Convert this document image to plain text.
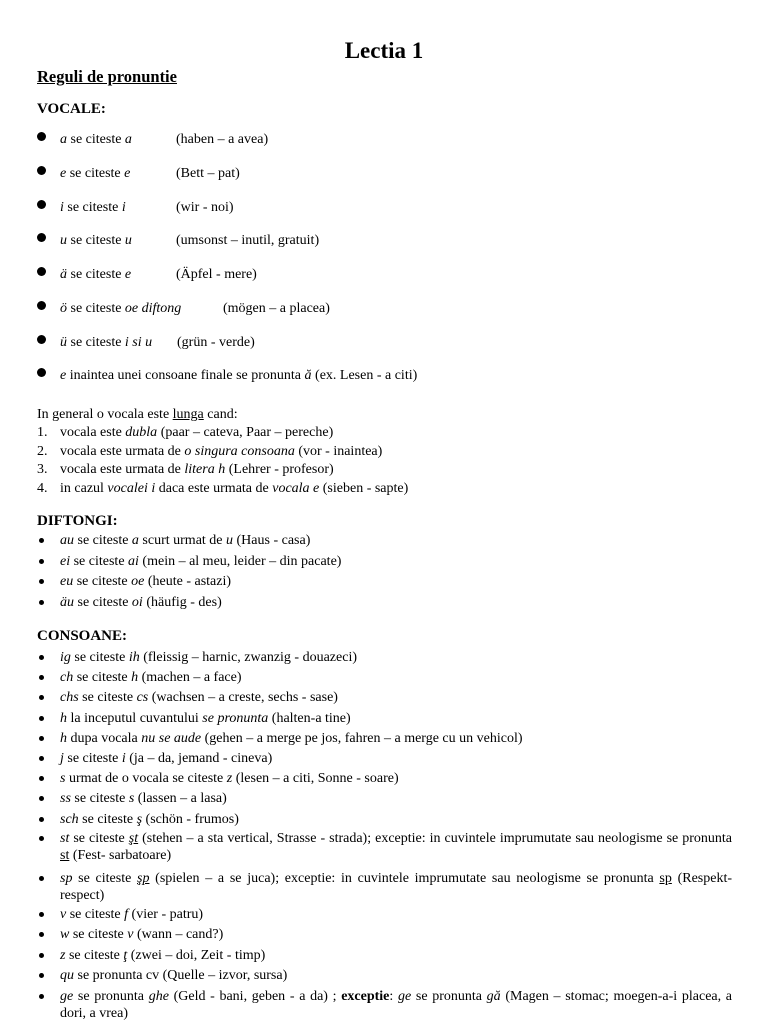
Lectia 1
Reguli de pronuntie
VOCALE:
a se citeste a	(haben – a avea)
e se citeste e	(Bett – pat)
i se citeste i	(wir - noi)
u se citeste u	(umsonst – inutil, gratuit)
ä se citeste e	(Äpfel - mere)
ö se citeste oe diftong	(mögen – a placea)
ü se citeste i si u (grün - verde)
e inaintea unei consoane finale se pronunta ă (ex. Lesen - a citi)
In general o vocala este lunga cand:
1. vocala este dubla (paar – cateva, Paar – pereche)
2. vocala este urmata de o singura consoana (vor - inaintea)
3. vocala este urmata de litera h (Lehrer - profesor)
4. in cazul vocalei i daca este urmata de vocala e (sieben - sapte)
DIFTONGI:
au se citeste a scurt urmat de u (Haus - casa)
ei se citeste ai (mein – al meu, leider – din pacate)
eu se citeste oe (heute - astazi)
äu se citeste oi (häufig - des)
CONSOANE:
ig se citeste ih (fleissig – harnic, zwanzig - douazeci)
ch se citeste h (machen – a face)
chs se citeste cs (wachsen – a creste, sechs - sase)
h la inceputul cuvantului se pronunta (halten-a tine)
h dupa vocala nu se aude (gehen – a merge pe jos, fahren – a merge cu un vehicol)
j se citeste i (ja – da, jemand - cineva)
s urmat de o vocala se citeste z (lesen – a citi, Sonne - soare)
ss se citeste s (lassen – a lasa)
sch se citeste ş (schön - frumos)
st se citeste şt (stehen – a sta vertical, Strasse - strada); exceptie: in cuvintele imprumutate sau neologisme se pronunta st (Fest- sarbatoare)
sp se citeste şp (spielen – a se juca); exceptie: in cuvintele imprumutate sau neologisme se pronunta sp (Respekt-respect)
v se citeste f (vier - patru)
w se citeste v (wann – cand?)
z se citeste ţ (zwei – doi, Zeit - timp)
qu se pronunta cv (Quelle – izvor, sursa)
ge se pronunta ghe (Geld - bani, geben - a da) ; exceptie: ge se pronunta gă (Magen – stomac; moegen-a-i placea, a dori, a vrea)
